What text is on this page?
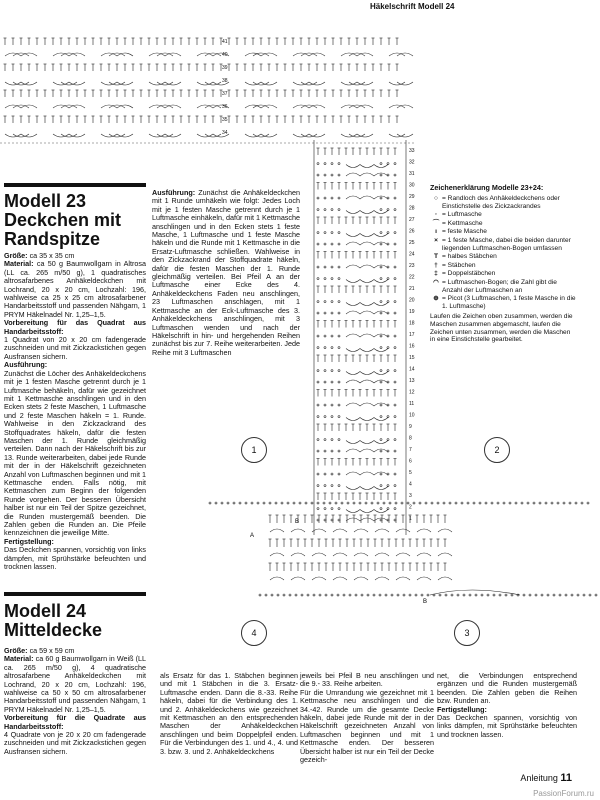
Häkelschrift Modell 24
41
40
39
38
37
36
35
34
33
32
31
30
29
28
27
26
25
24
23
22
21
20
19
18
17
16
15
14
13
12
11
10
9
8
7
6
5
4
3
2
1
B
A
B
1	2
3
4
Modell 23
Deckchen mit
Randspitze

Größe: ca 35 x 35 cm

Material: ca 50 g Baumwollgarn in Altrosa (LL ca. 265 m/50 g), 1 quadratisches altrosafarbenes Anhäkeldeckchen mit Lochrand, 20 x 20 cm, Lochzahl: 196, wahlweise ca 25 x 25 cm altrosafarbener Handarbeitsstoff und passenden Nähgarn, 1 PRYM Häkelnadel Nr. 1,25–1,5.

Vorbereitung für das Quadrat aus Handarbeitsstoff:

1 Quadrat von 20 x 20 cm fadengerade zuschneiden und mit Zickzackstichen gegen Ausfransen sichern.

Ausführung:

Zunächst die Löcher des Anhäkeldeckchens mit je 1 festen Masche getrennt durch je 1 Luftmasche behäkeln, dafür wie gezeichnet mit 1 Kettmasche anschlingen und in den Ecken stets 2 feste Maschen, 1 Luftmasche und 2 feste Maschen häkeln = 1. Runde. Wahlweise in den Zickzackrand des Stoffquadrates häkeln, dafür die festen Maschen der 1. Runde gleichmäßig verteilen. Dann nach der Häkelschrift bis zur 13. Runde weiterarbeiten, dabei jede Runde mit der in der Häkelschrift gezeichneten Anzahl von Luftmaschen beginnen und mit 1 Kettmasche enden. Falls nötig, mit Kettmaschen zum Beginn der folgenden Runde vorgehen. Der besseren Übersicht halber ist nur ein Teil der Spitze gezeichnet, die Runden mustergemäß beenden. Die Zahlen geben die Runden an. Die Pfeile kennzeichnen die jeweilige Mitte.

Fertigstellung:

Das Deckchen spannen, vorsichtig von links dämpfen, mit Sprühstärke befeuchten und trocknen lassen.

Modell 24
Mitteldecke

Größe: ca 59 x 59 cm

Material: ca 60 g Baumwollgarn in Weiß (LL ca. 265 m/50 g), 4 quadratische altrosafarbene Anhäkeldeckchen mit Lochrand, 20 x 20 cm, Lochzahl: 196, wahlweise ca 50 x 50 cm altrosafarbener Handarbeitsstoff und passenden Nähgarn, 1 PRYM Häkelnadel Nr. 1,25–1,5.

Vorbereitung für die Quadrate aus Handarbeitsstoff:

4 Quadrate von je 20 x 20 cm fadengerade zuschneiden und mit Zickzackstichen gegen Ausfransen sichern.

Ausführung: Zunächst die Anhäkeldeckchen mit 1 Runde umhäkeln wie folgt: Jedes Loch mit je 1 festen Masche getrennt durch je 1 Luftmasche einhäkeln, dafür mit 1 Kettmasche anschlingen und in den Ecken stets 1 feste Masche, 1 Luftmasche und 1 feste Masche häkeln und die Runde mit 1 Kettmasche in die Ersatz-Luftmasche schließen. Wahlweise in den Zickzackrand der Stoffquadrate häkeln, dafür die festen Maschen der 1. Runde gleichmäßig verteilen. Bei Pfeil A an der Luftmasche einer Ecke des 4. Anhäkeldeckchens Faden neu anschlingen, 23 Luftmaschen anschlagen, mit 1 Kettmasche an der Eck-Luftmasche des 3. Anhäkeldeckchens anschlingen, mit 3 Luftmaschen wenden und nach der Häkelschrift in hin- und hergehenden Reihen zunächst bis zur 7. Reihe weiterarbeiten. Jede Reihe mit 3 Luftmaschen

als Ersatz für das 1. Stäbchen beginnen und mit 1 Stäbchen in die 3. Ersatz-Luftmasche enden. Dann die 8.-33. Reihe häkeln, dabei für die Verbindung des 1. und 2. Anhäkeldeckchens wie gezeichnet mit Kettmaschen an den entsprechenden Maschen der Anhäkeldeckchen anschlingen und beim Doppelpfeil enden. Für die Verbindungen des 1. und 4., 4. und 3. bzw. 3. und 2. Anhäkeldeckchens

jeweils bei Pfeil B neu anschlingen und die 9.- 33. Reihe arbeiten.

Für die Umrandung wie gezeichnet mit 1 Kettmasche neu anschlingen und die 34.-42. Runde um die gesamte Decke häkeln, dabei jede Runde mit der in der Häkelschrift gezeichneten Anzahl von Luftmaschen beginnen und mit 1 Kettmasche enden. Der besseren Übersicht halber ist nur ein Teil der Decke gezeich-

net, die Verbindungen entsprechend ergänzen und die Runden mustergemäß beenden. Die Zahlen geben die Reihen bzw. Runden an.

Fertigstellung:

Das Deckchen spannen, vorsichtig von links dämpfen, mit Sprühstärke befeuchten und trocknen lassen.

Zeichenerklärung Modelle 23+24:
○ = Randloch des Anhäkeldeckchens oder Einstichstelle des Zickzackrandes
◦ = Luftmasche
⌒ = Kettmasche
ı = feste Masche
× = 1 feste Masche, dabei die beiden darunter liegenden Luftmaschen-Bogen umfassen
T = halbes Stäbchen
† = Stäbchen
‡ = Doppelstäbchen
◠ = Luftmaschen-Bogen; die Zahl gibt die Anzahl der Luftmaschen an
⊕ = Picot (3 Luftmaschen, 1 feste Masche in die 1. Luftmasche)
Laufen die Zeichen oben zusammen, werden die Maschen zusammen abgemascht, laufen die Zeichen unten zusammen, werden die Maschen in eine Einstichstelle gearbeitet.
Anleitung 11
PassionForum.ru
